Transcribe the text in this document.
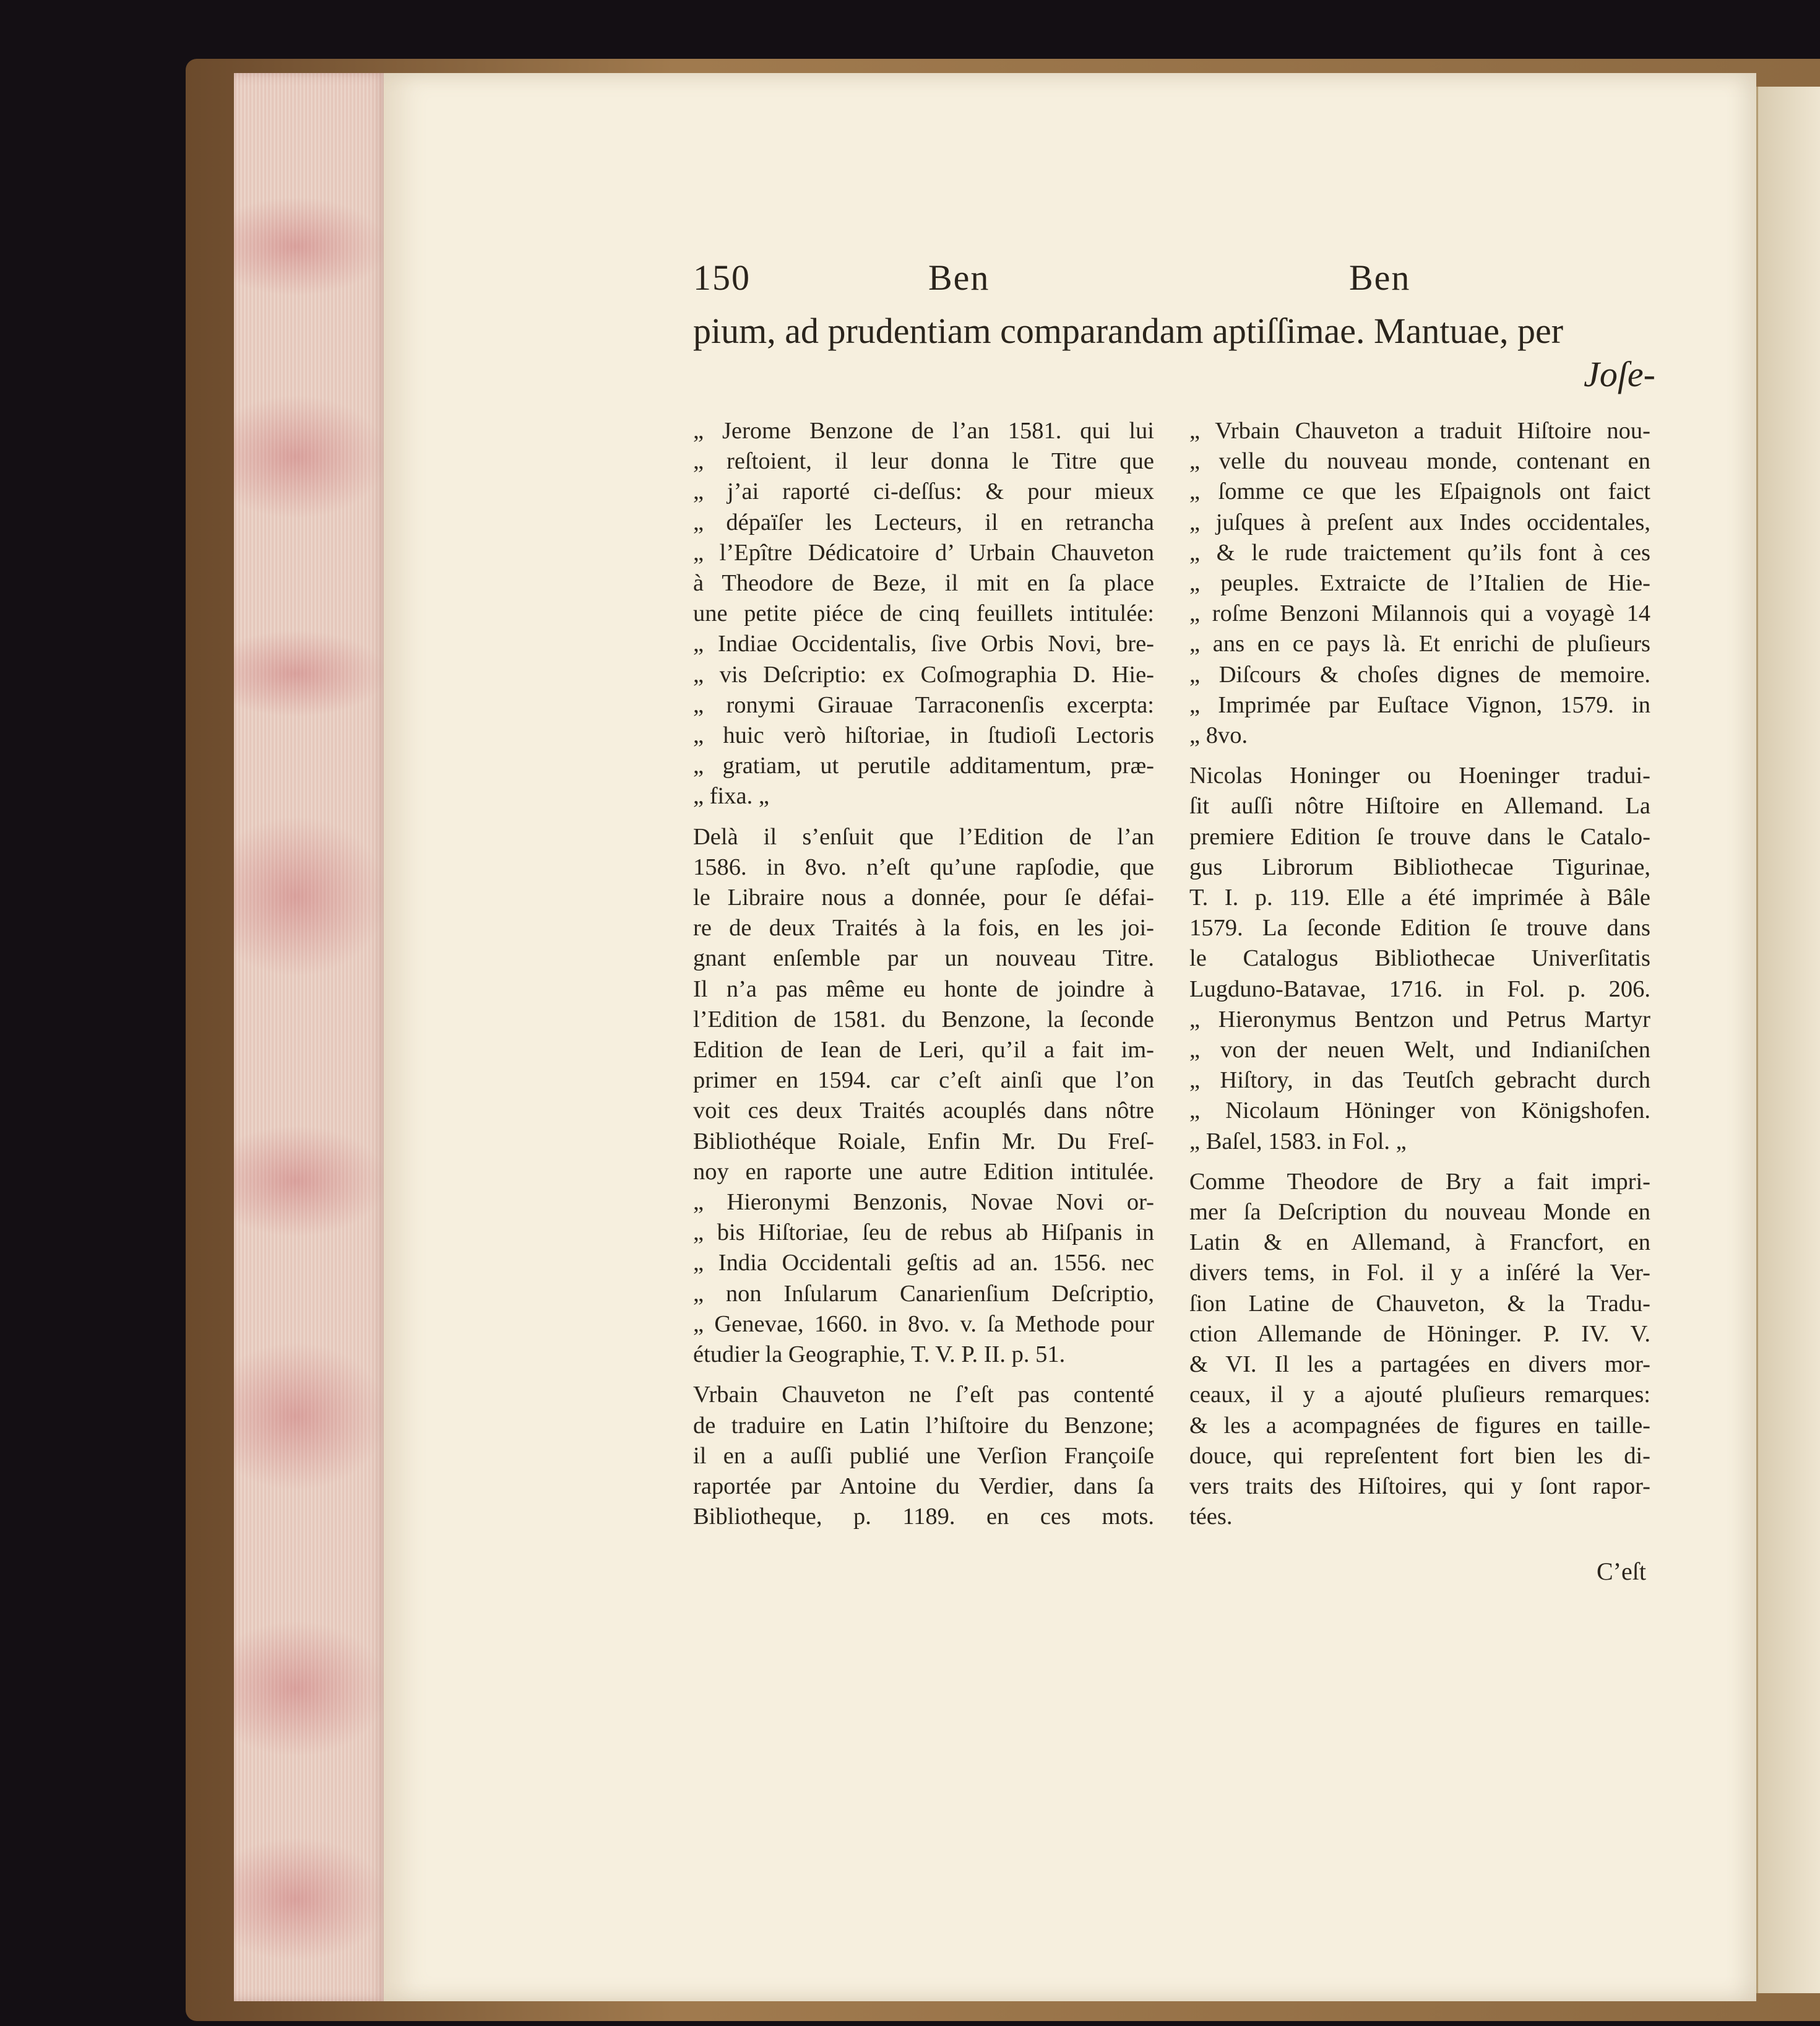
150	Ben	Ben
pium, ad prudentiam comparandam aptiſſimae. Mantuae, per
Joſe-

„ Jerome Benzone de l’an 1581. qui lui
„ reſtoient, il leur donna le Titre que
„ j’ai raporté ci-deſſus: & pour mieux
„ dépaïſer les Lecteurs, il en retrancha
„ l’Epître Dédicatoire d’ Urbain Chauveton
à Theodore de Beze, il mit en ſa place
une petite piéce de cinq feuillets intitulée:
„ Indiae Occidentalis, ſive Orbis Novi, bre-
„ vis Deſcriptio: ex Coſmographia D. Hie-
„ ronymi Girauae Tarraconenſis excerpta:
„ huic verò hiſtoriae, in ſtudioſi Lectoris
„ gratiam, ut perutile additamentum, præ-
„ fixa. „

Delà il s’enſuit que l’Edition de l’an
1586. in 8vo. n’eſt qu’une rapſodie, que
le Libraire nous a donnée, pour ſe défai-
re de deux Traités à la fois, en les joi-
gnant enſemble par un nouveau Titre.
Il n’a pas même eu honte de joindre à
l’Edition de 1581. du Benzone, la ſeconde
Edition de Iean de Leri, qu’il a fait im-
primer en 1594. car c’eſt ainſi que l’on
voit ces deux Traités acouplés dans nôtre
Bibliothéque Roiale, Enfin Mr. Du Freſ-
noy en raporte une autre Edition intitulée.
„ Hieronymi Benzonis, Novae Novi or-
„ bis Hiſtoriae, ſeu de rebus ab Hiſpanis in
„ India Occidentali geſtis ad an. 1556. nec
„ non Inſularum Canarienſium Deſcriptio,
„ Genevae, 1660. in 8vo. v. ſa Methode pour
étudier la Geographie, T. V. P. II. p. 51.

Vrbain Chauveton ne ſ’eſt pas contenté
de traduire en Latin l’hiſtoire du Benzone;
il en a auſſi publié une Verſion Françoiſe
raportée par Antoine du Verdier, dans ſa
Bibliotheque, p. 1189. en ces mots.

„ Vrbain Chauveton a traduit Hiſtoire nou-
„ velle du nouveau monde, contenant en
„ ſomme ce que les Eſpaignols ont faict
„ juſques à preſent aux Indes occidentales,
„ & le rude traictement qu’ils font à ces
„ peuples. Extraicte de l’Italien de Hie-
„ roſme Benzoni Milannois qui a voyagè 14
„ ans en ce pays là. Et enrichi de pluſieurs
„ Diſcours & choſes dignes de memoire.
„ Imprimée par Euſtace Vignon, 1579. in
„ 8vo.

Nicolas Honinger ou Hoeninger tradui-
ſit auſſi nôtre Hiſtoire en Allemand. La
premiere Edition ſe trouve dans le Catalo-
gus Librorum Bibliothecae Tigurinae,
T. I. p. 119. Elle a été imprimée à Bâle
1579. La ſeconde Edition ſe trouve dans
le Catalogus Bibliothecae Univerſitatis
Lugduno-Batavae, 1716. in Fol. p. 206.
„ Hieronymus Bentzon und Petrus Martyr
„ von der neuen Welt, und Indianiſchen
„ Hiſtory, in das Teutſch gebracht durch
„ Nicolaum Höninger von Königshofen.
„ Baſel, 1583. in Fol. „

Comme Theodore de Bry a fait impri-
mer ſa Deſcription du nouveau Monde en
Latin & en Allemand, à Francfort, en
divers tems, in Fol. il y a inſéré la Ver-
ſion Latine de Chauveton, & la Tradu-
ction Allemande de Höninger. P. IV. V.
& VI. Il les a partagées en divers mor-
ceaux, il y a ajouté pluſieurs remarques:
& les a acompagnées de figures en taille-
douce, qui repreſentent fort bien les di-
vers traits des Hiſtoires, qui y ſont rapor-
tées.

C’eſt
